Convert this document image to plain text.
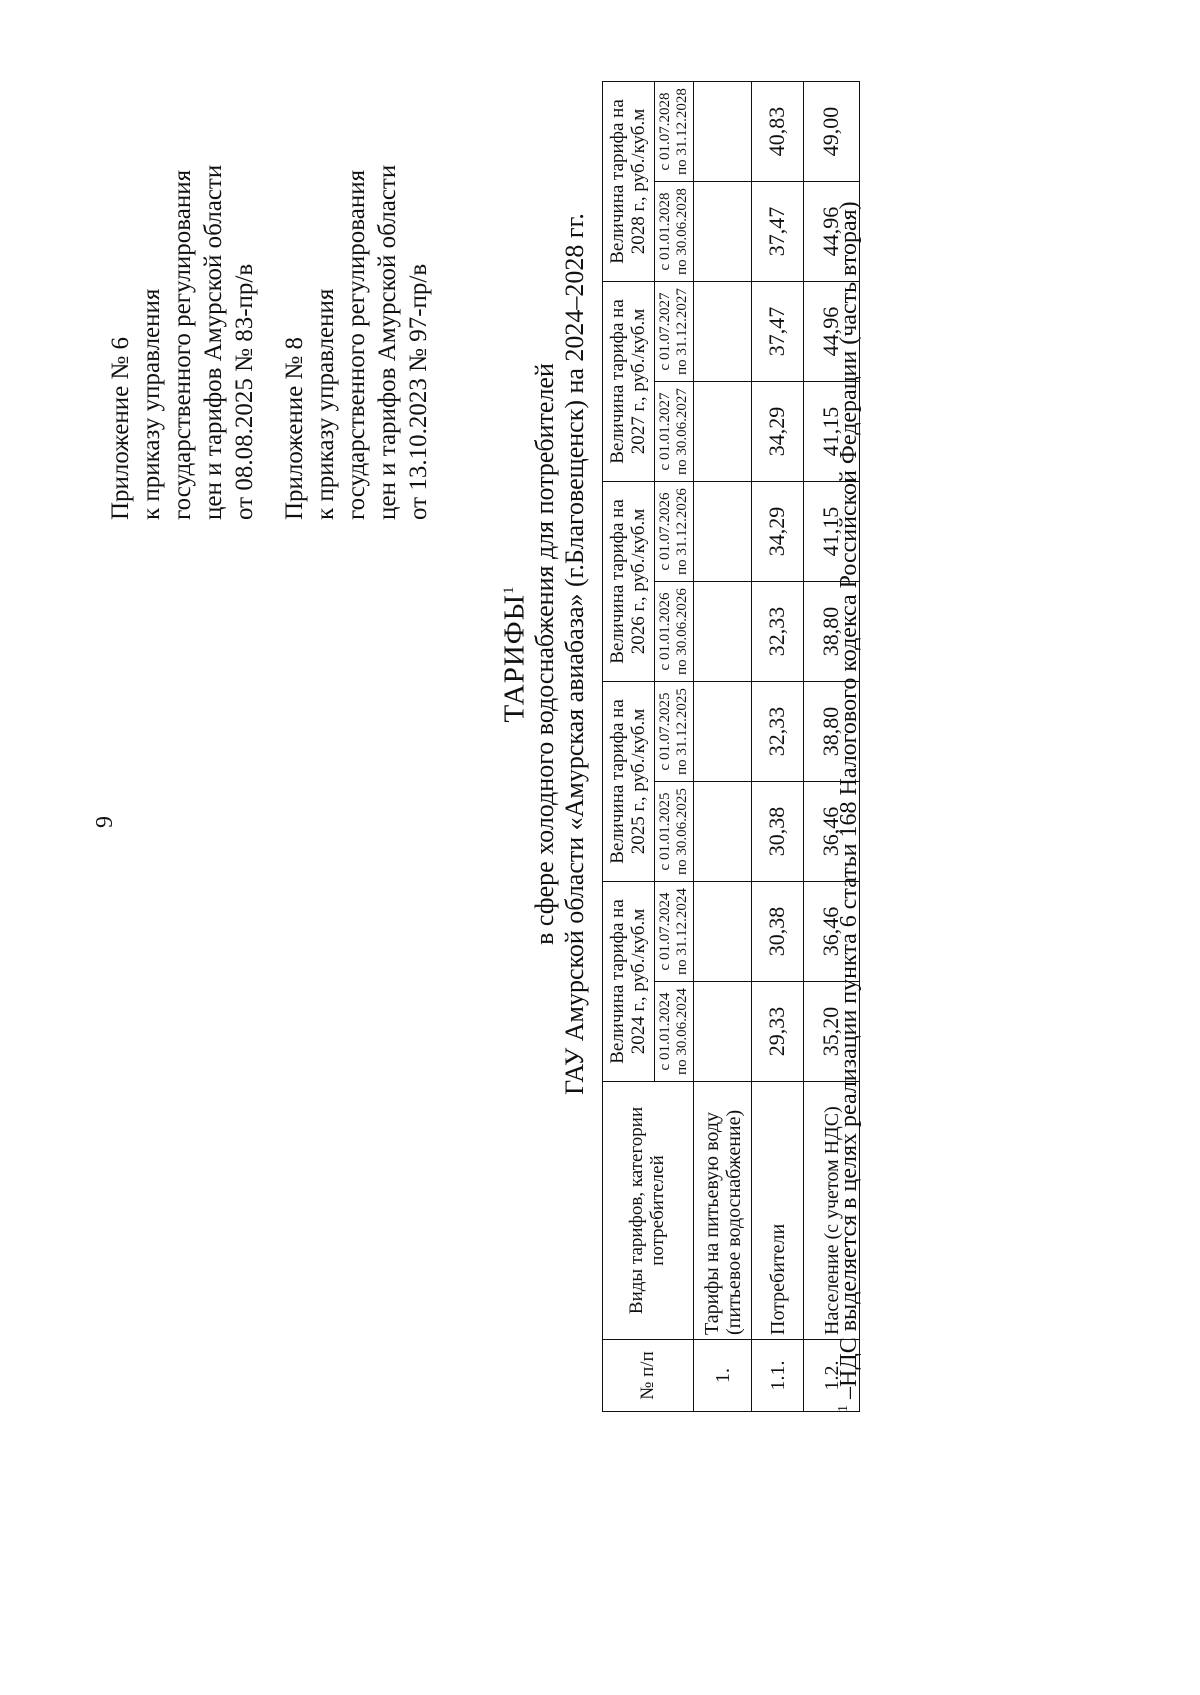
9
Приложение № 6 к приказу управления государственного регулирования цен и тарифов Амурской области от 08.08.2025 № 83-пр/в Приложение № 8 к приказу управления государственного регулирования цен и тарифов Амурской области от 13.10.2023 № 97-пр/в
ТАРИФЫ$^1$ в сфере холодного водоснабжения для потребителей ГАУ Амурской области «Амурская авиабаза» (г.Благовещенск) на 2024–2028 гг.
№ п/п	Виды тарифов, категории потребителей	Величина тарифа на 2024 г., руб./куб.м		Величина тарифа на 2025 г., руб./куб.м		Величина тарифа на 2026 г., руб./куб.м		Величина тарифа на 2027 г., руб./куб.м		Величина тарифа на 2028 г., руб./куб.м	
		с 01.01.2024 по 30.06.2024	с 01.07.2024 по 31.12.2024	с 01.01.2025 по 30.06.2025	с 01.07.2025 по 31.12.2025	с 01.01.2026 по 30.06.2026	с 01.07.2026 по 31.12.2026	с 01.01.2027 по 30.06.2027	с 01.07.2027 по 31.12.2027	с 01.01.2028 по 30.06.2028	с 01.07.2028 по 31.12.2028
1.	Тарифы на питьевую воду (питьевое водоснабжение)										
1.1.	Потребители	29,33	30,38	30,38	32,33	32,33	34,29	34,29	37,47	37,47	40,83
1.2.	Население (с учетом НДС)	35,20	36,46	36,46	38,80	38,80	41,15	41,15	44,96	44,96	49,00
$^1$ –НДС выделяется в целях реализации пункта 6 статьи 168 Налогового кодекса Российской Федерации (часть вторая)
